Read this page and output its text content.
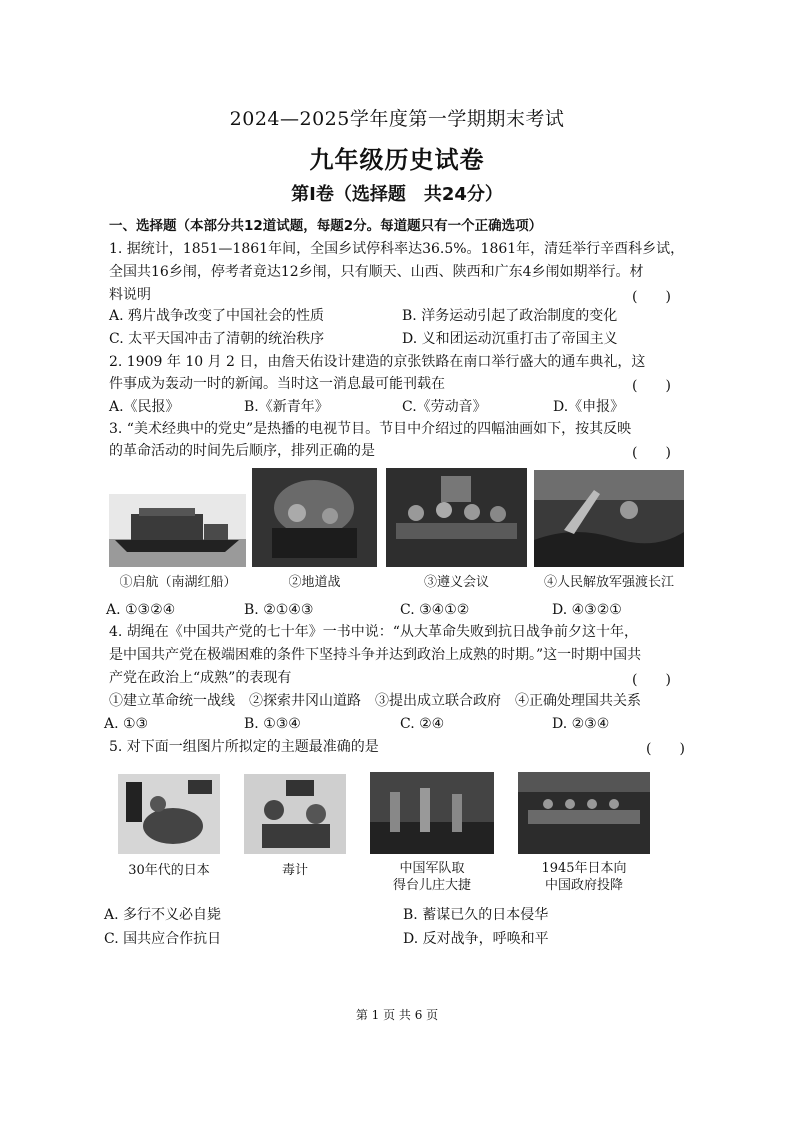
2024—2025学年度第一学期期末考试
九年级历史试卷
第Ⅰ卷（选择题　共24分）
一、选择题（本部分共12道试题，每题2分。每道题只有一个正确选项）
1. 据统计，1851—1861年间，全国乡试停科率达36.5%。1861年，清廷举行辛酉科乡试，
全国共16乡闱，停考者竟达12乡闱，只有顺天、山西、陕西和广东4乡闱如期举行。材
料说明	(　　)
A. 鸦片战争改变了中国社会的性质	B. 洋务运动引起了政治制度的变化
C. 太平天国冲击了清朝的统治秩序	D. 义和团运动沉重打击了帝国主义
2. 1909 年 10 月 2 日，由詹天佑设计建造的京张铁路在南口举行盛大的通车典礼，这
件事成为轰动一时的新闻。当时这一消息最可能刊载在	(　　)
A.《民报》	B.《新青年》	C.《劳动音》	D.《申报》
3. “美术经典中的党史”是热播的电视节目。节目中介绍过的四幅油画如下，按其反映
的革命活动的时间先后顺序，排列正确的是	(　　)
①启航（南湖红船）	②地道战	③遵义会议	④人民解放军强渡长江
A. ①③②④	B. ②①④③	C. ③④①②	D. ④③②①
4. 胡绳在《中国共产党的七十年》一书中说：“从大革命失败到抗日战争前夕这十年，
是中国共产党在极端困难的条件下坚持斗争并达到政治上成熟的时期。”这一时期中国共
产党在政治上“成熟”的表现有	(　　)
①建立革命统一战线　②探索井冈山道路　③提出成立联合政府　④正确处理国共关系
A. ①③	B. ①③④	C. ②④	D. ②③④
5. 对下面一组图片所拟定的主题最准确的是	(　　)
30年代的日本	毒计	中国军队取
得台儿庄大捷
1945年日本向
中国政府投降
A. 多行不义必自毙	B. 蓄谋已久的日本侵华
C. 国共应合作抗日	D. 反对战争，呼唤和平
第 1 页 共 6 页
